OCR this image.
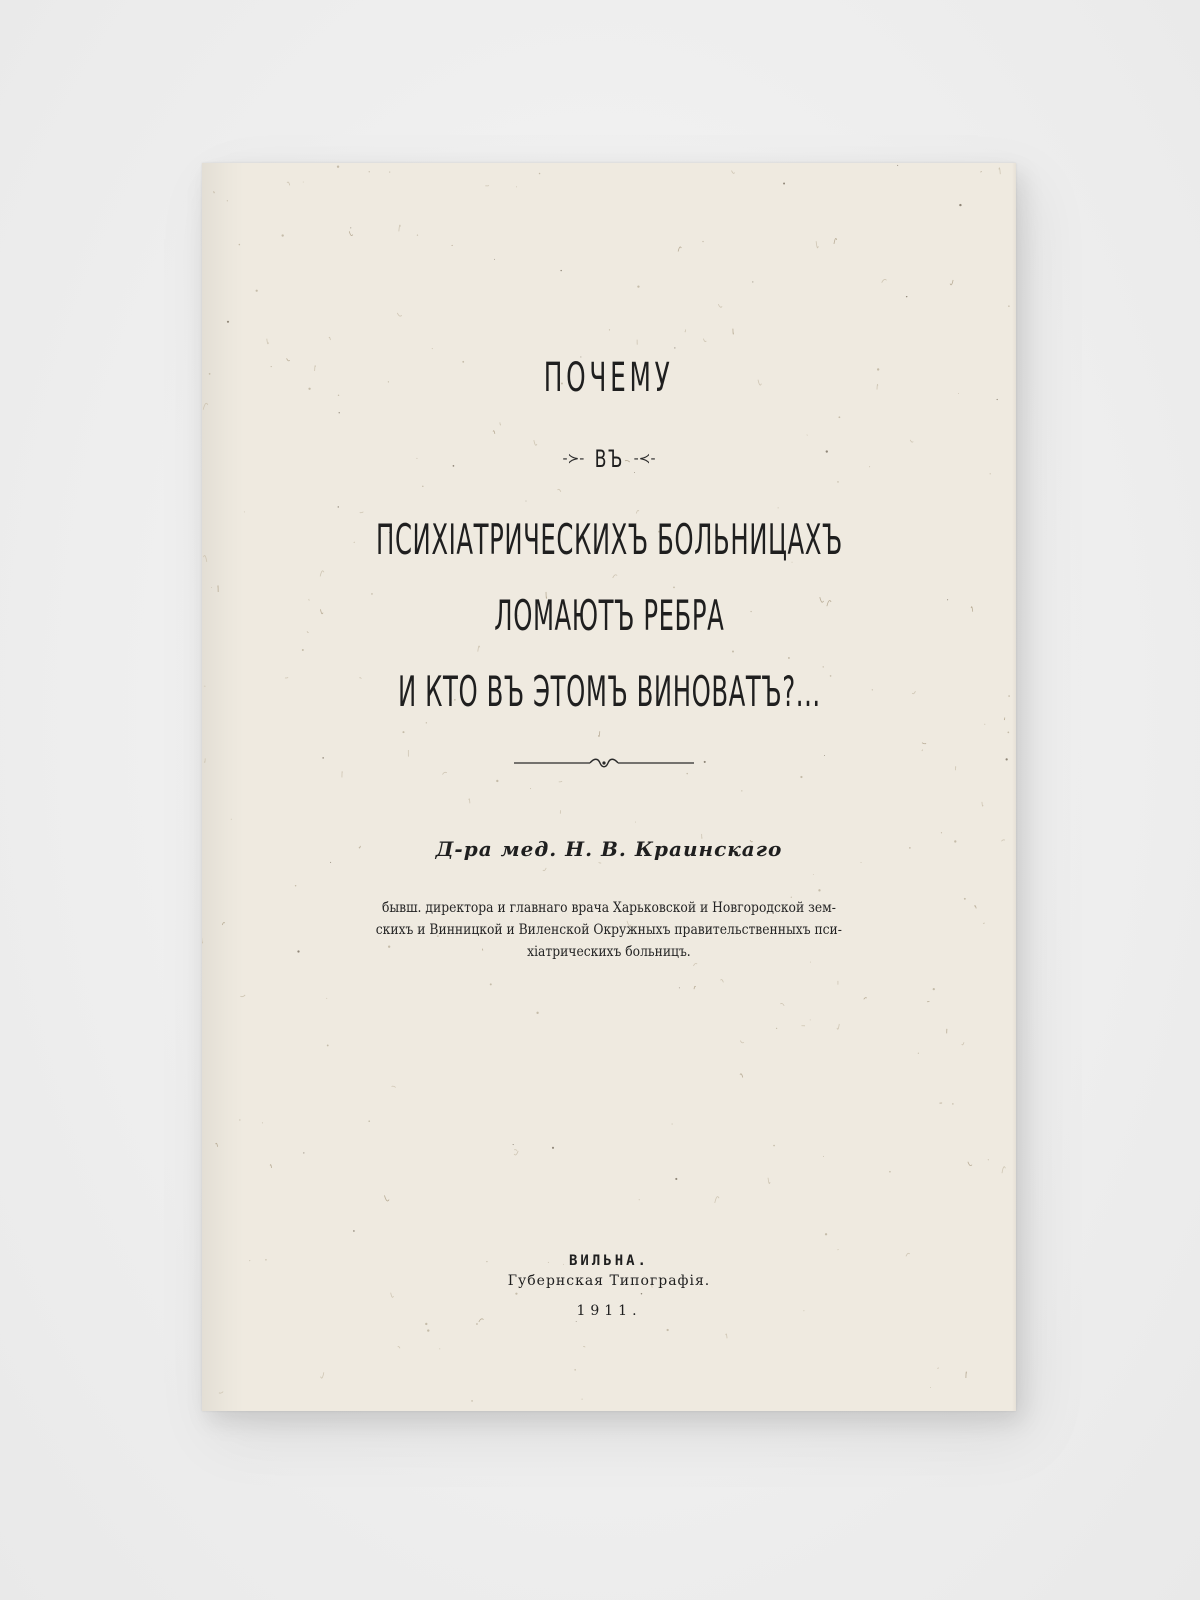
ПОЧЕМУ
-≻- ВЪ -≺-
ПСИХІАТРИЧЕСКИХЪ БОЛЬНИЦАХЪ
ЛОМАЮТЪ РЕБРА
И КТО ВЪ ЭТОМЪ ВИНОВАТЪ?...
Д-ра мед. Н. В. Краинскаго
бывш. директора и главнаго врача Харьковской и Новгородской зем-
скихъ и Винницкой и Виленской Окружныхъ правительственныхъ пси-
хіатрическихъ больницъ.
ВИЛЬНА.
Губернская Типографія.
1911.
